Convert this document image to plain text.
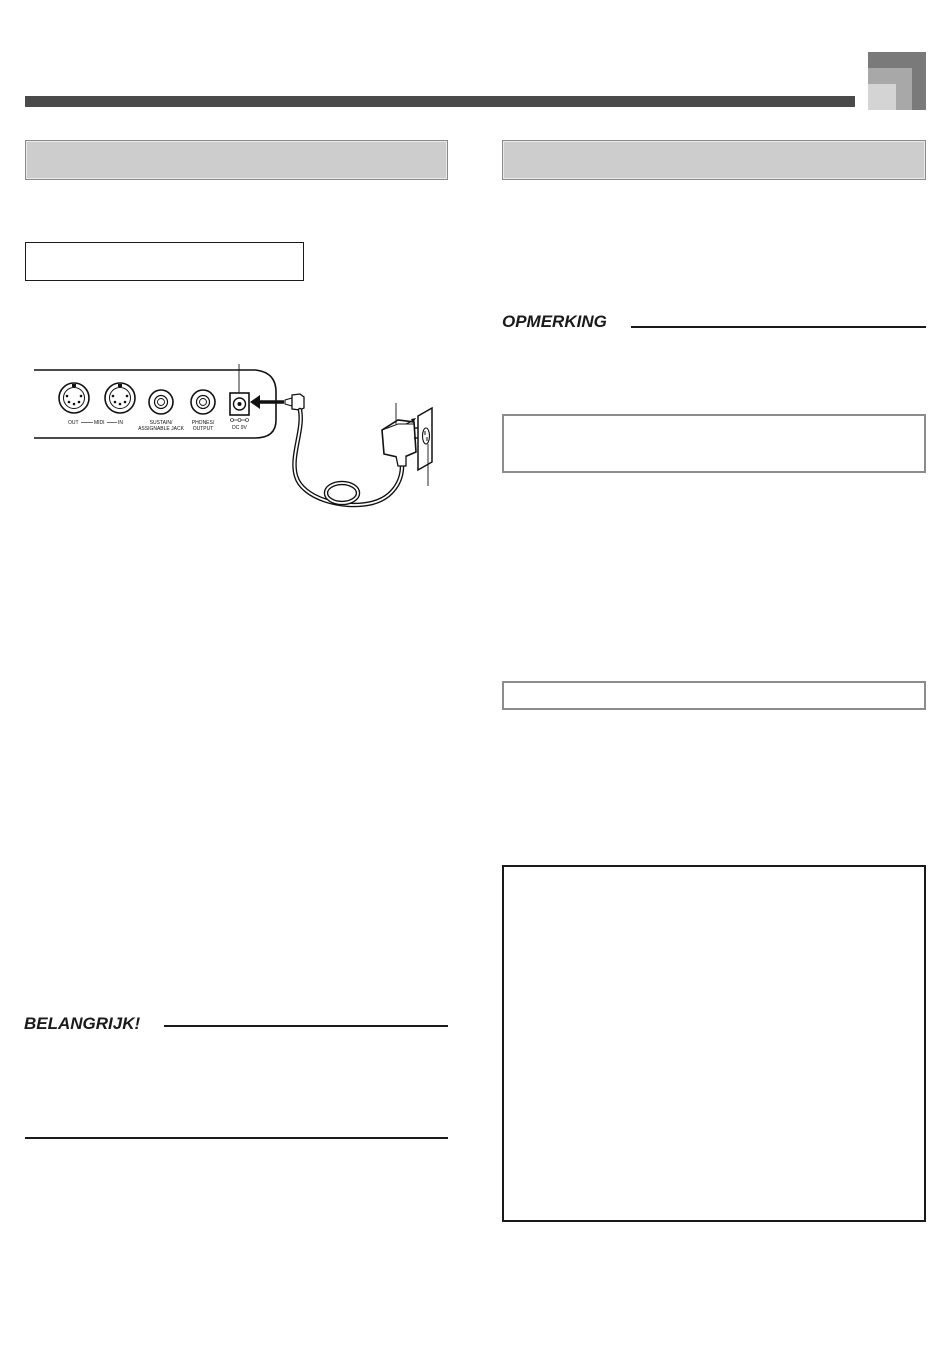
OUT	MIDI	IN	SUSTAIN/
ASSIGNABLE JACK
PHONES/
OUTPUT	DC 9V
BELANGRIJK!
OPMERKING
